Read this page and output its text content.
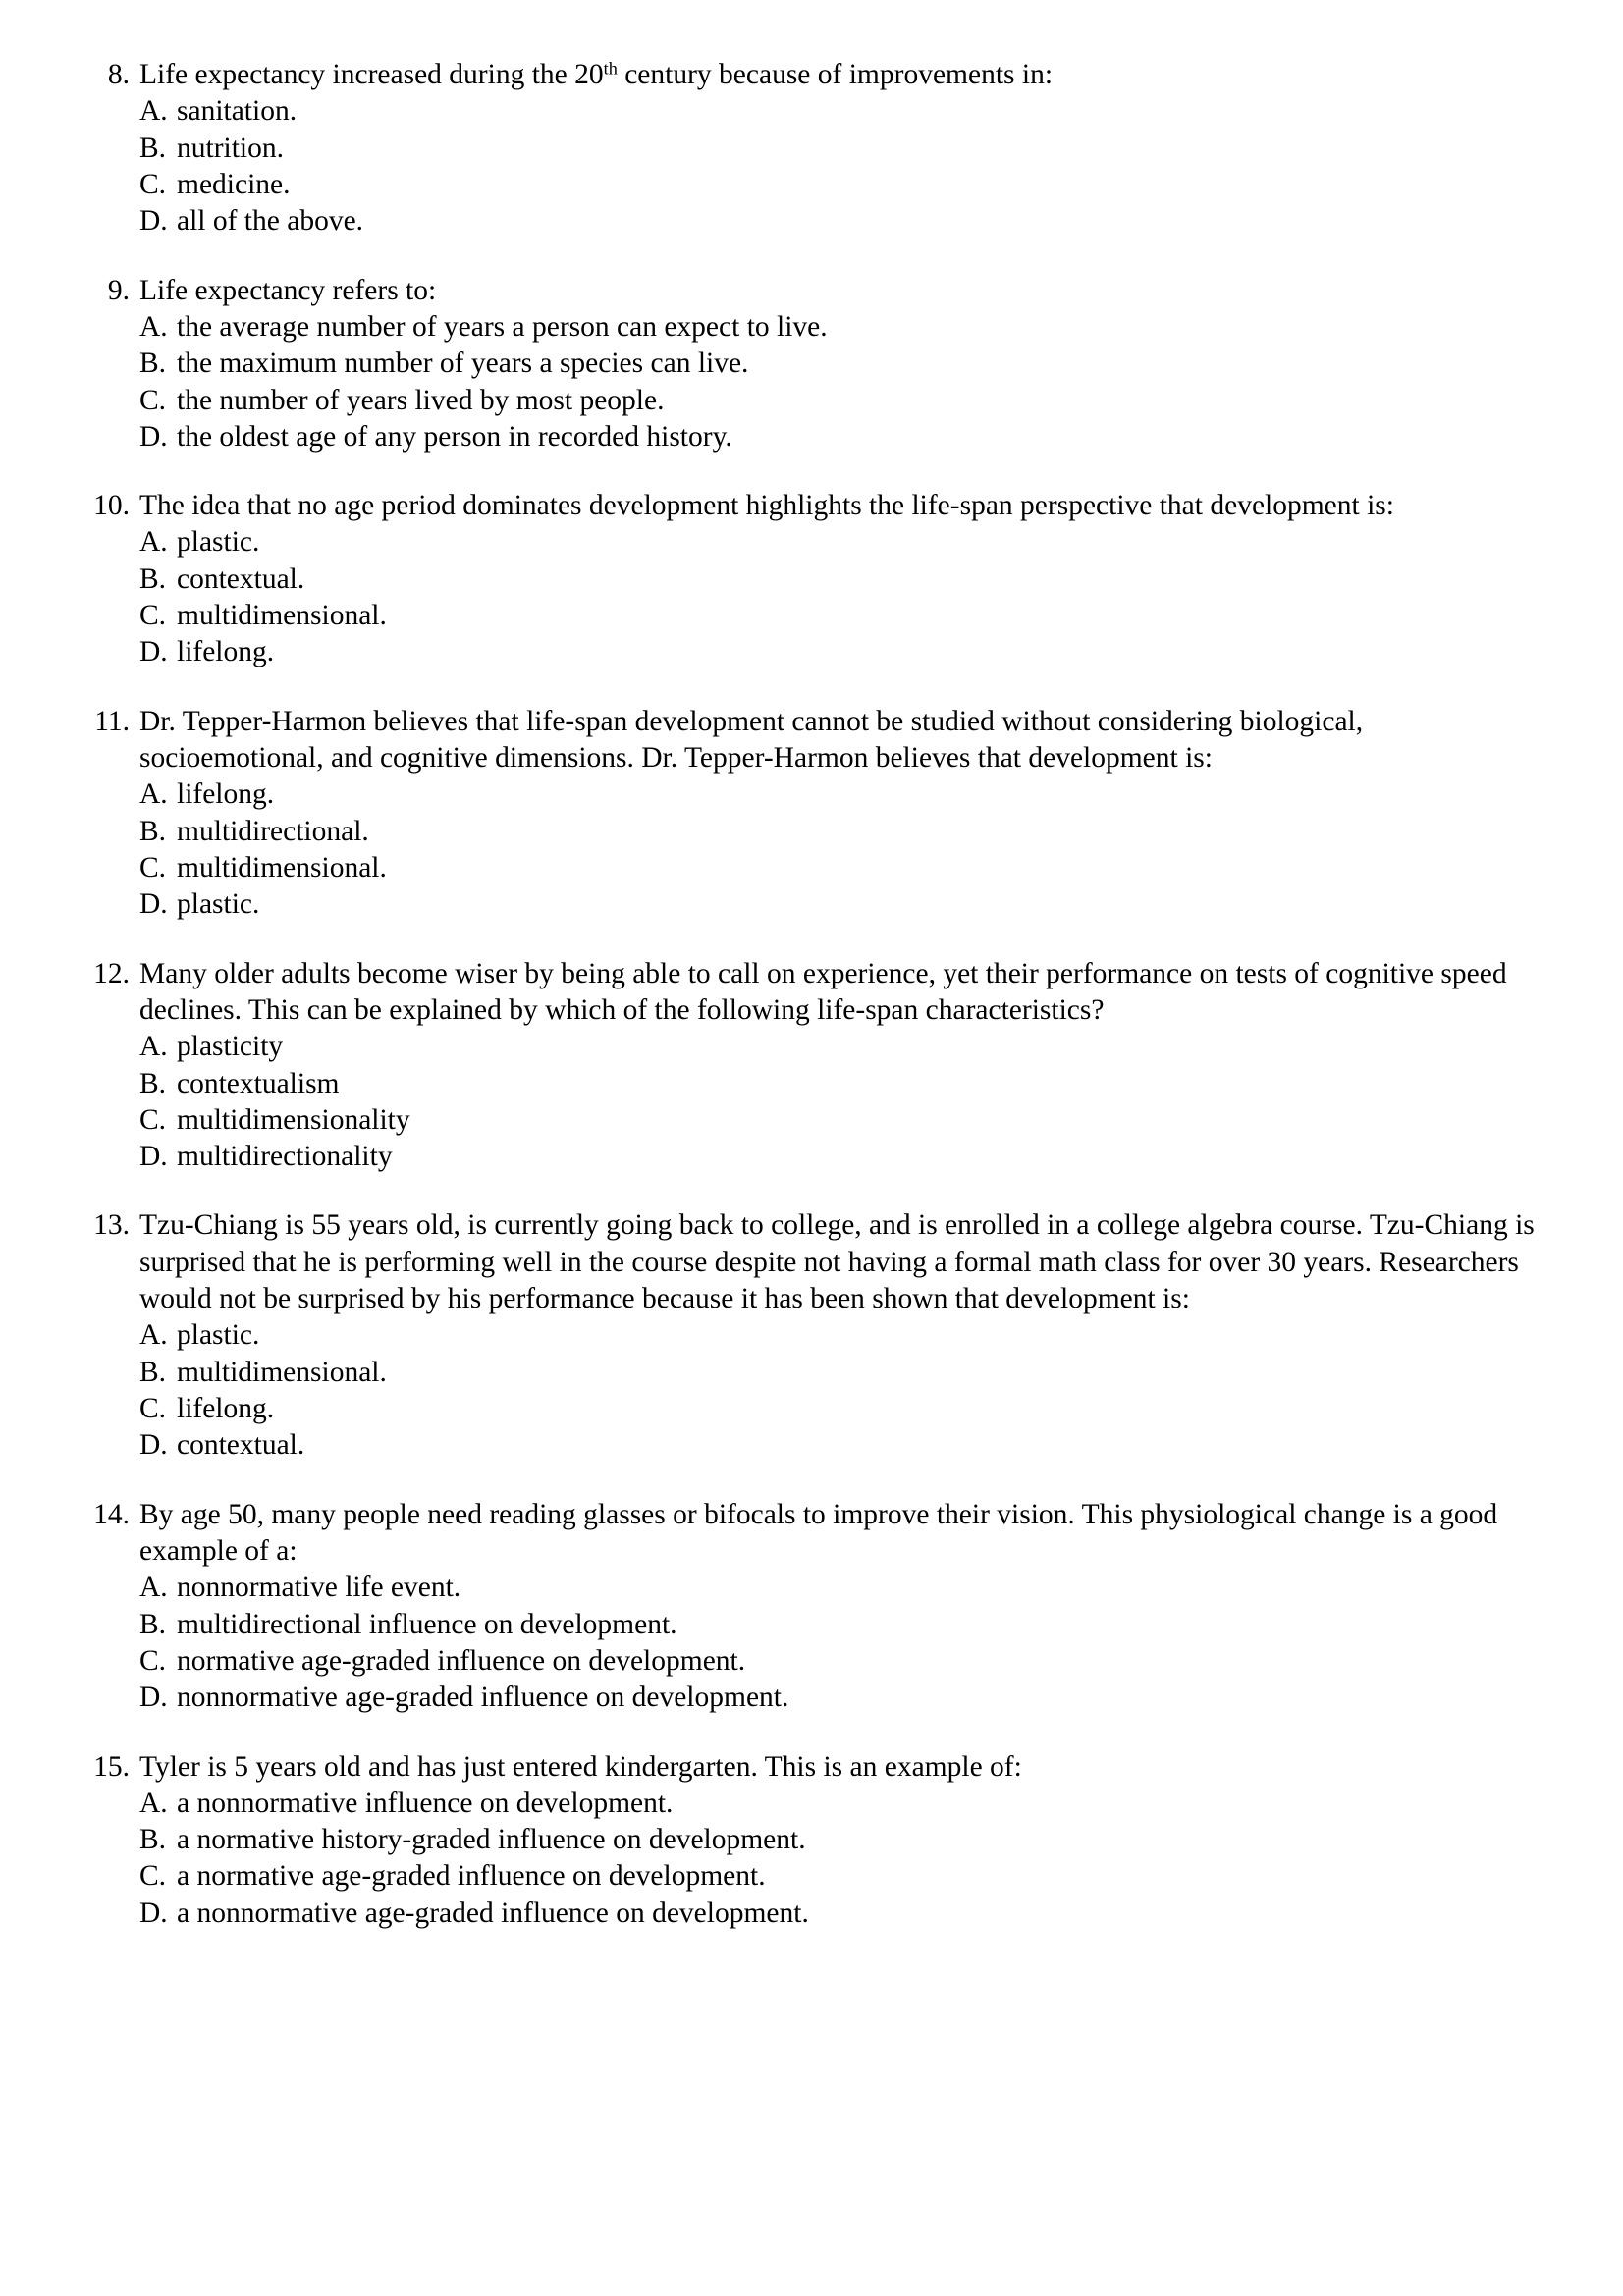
8. Life expectancy increased during the 20th century because of improvements in:
A. sanitation.
B. nutrition.
C. medicine.
D. all of the above.
9. Life expectancy refers to:
A. the average number of years a person can expect to live.
B. the maximum number of years a species can live.
C. the number of years lived by most people.
D. the oldest age of any person in recorded history.
10. The idea that no age period dominates development highlights the life-span perspective that development is:
A. plastic.
B. contextual.
C. multidimensional.
D. lifelong.
11. Dr. Tepper-Harmon believes that life-span development cannot be studied without considering biological, socioemotional, and cognitive dimensions. Dr. Tepper-Harmon believes that development is:
A. lifelong.
B. multidirectional.
C. multidimensional.
D. plastic.
12. Many older adults become wiser by being able to call on experience, yet their performance on tests of cognitive speed declines. This can be explained by which of the following life-span characteristics?
A. plasticity
B. contextualism
C. multidimensionality
D. multidirectionality
13. Tzu-Chiang is 55 years old, is currently going back to college, and is enrolled in a college algebra course. Tzu-Chiang is surprised that he is performing well in the course despite not having a formal math class for over 30 years. Researchers would not be surprised by his performance because it has been shown that development is:
A. plastic.
B. multidimensional.
C. lifelong.
D. contextual.
14. By age 50, many people need reading glasses or bifocals to improve their vision. This physiological change is a good example of a:
A. nonnormative life event.
B. multidirectional influence on development.
C. normative age-graded influence on development.
D. nonnormative age-graded influence on development.
15. Tyler is 5 years old and has just entered kindergarten. This is an example of:
A. a nonnormative influence on development.
B. a normative history-graded influence on development.
C. a normative age-graded influence on development.
D. a nonnormative age-graded influence on development.
